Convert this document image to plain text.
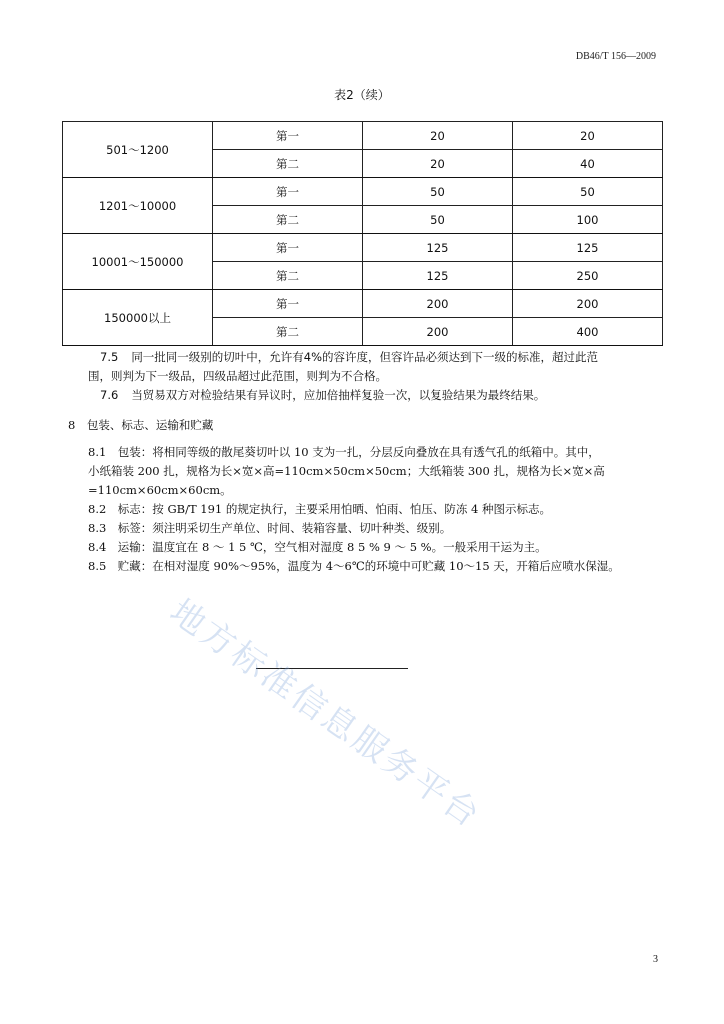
DB46/T 156—2009
表2（续）
501～1200	第一	20	20
	第二	20	40
1201～10000	第一	50	50
	第二	50	100
10001～150000	第一	125	125
	第二	125	250
150000以上	第一	200	200
	第二	200	400
7.5 同一批同一级别的切叶中，允许有4%的容许度，但容许品必须达到下一级的标准，超过此范
围，则判为下一级品，四级品超过此范围，则判为不合格。
7.6 当贸易双方对检验结果有异议时，应加倍抽样复验一次，以复验结果为最终结果。
8　包装、标志、运输和贮藏
8.1　包装：将相同等级的散尾葵切叶以 10 支为一扎，分层反向叠放在具有透气孔的纸箱中。其中，
小纸箱装 200 扎，规格为长×宽×高=110cm×50cm×50cm；大纸箱装 300 扎，规格为长×宽×高
=110cm×60cm×60cm。
8.2　标志：按 GB/T 191 的规定执行，主要采用怕晒、怕雨、怕压、防冻 4 种图示标志。
8.3　标签：须注明采切生产单位、时间、装箱容量、切叶种类、级别。
8.4　运输：温度宜在 8 ～ 1 5 ℃，空气相对湿度 8 5 % 9 ～ 5 %。一般采用干运为主。
8.5　贮藏：在相对湿度 90%～95%，温度为 4～6℃的环境中可贮藏 10～15 天，开箱后应喷水保湿。
地方标准信息服务平台
3
